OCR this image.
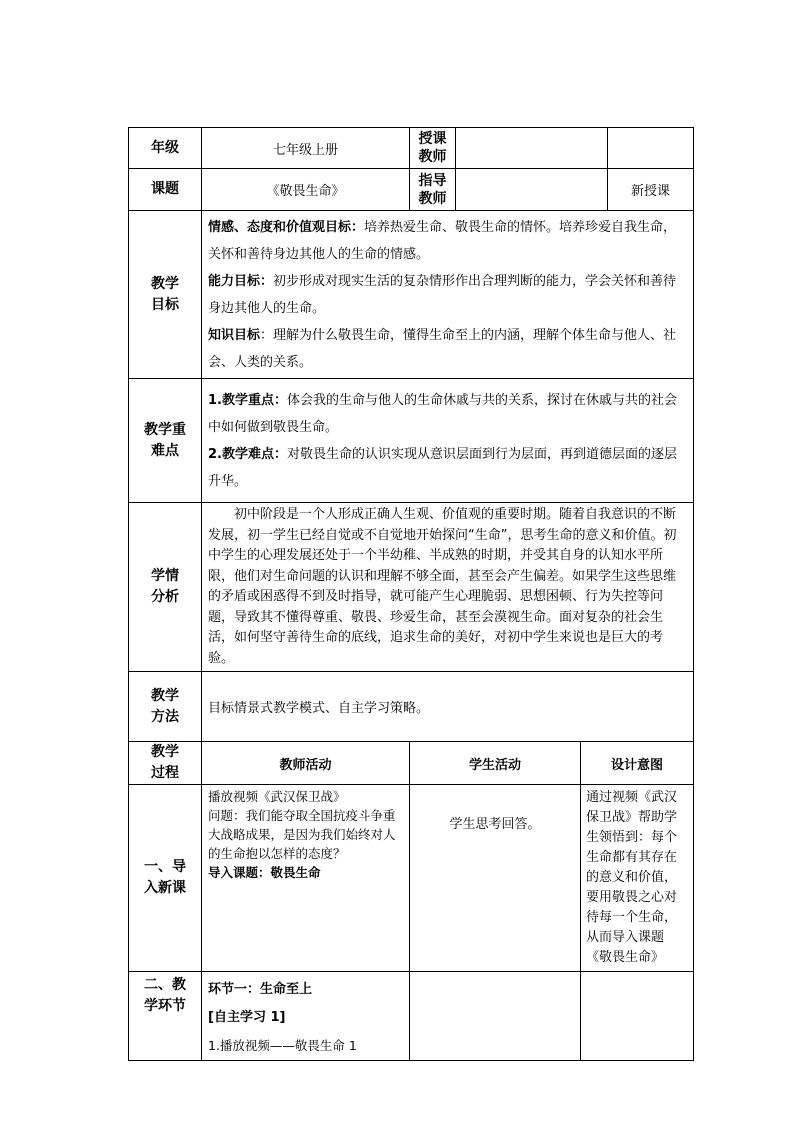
年级	七年级上册	授课教师			
课题	《敬畏生命》	指导教师			新授课
教学目标	情感、态度和价值观目标：培养热爱生命、敬畏生命的情怀。培养珍爱自我生命，关怀和善待身边其他人的生命的情感。

能力目标：初步形成对现实生活的复杂情形作出合理判断的能力，学会关怀和善待身边其他人的生命。

知识目标：理解为什么敬畏生命，懂得生命至上的内涵，理解个体生命与他人、社会、人类的关系。				

教学重难点	1.教学重点：体会我的生命与他人的生命休戚与共的关系，探讨在休戚与共的社会中如何做到敬畏生命。

2.教学难点：对敬畏生命的认识实现从意识层面到行为层面，再到道德层面的逐层升华。				

学情分析	初中阶段是一个人形成正确人生观、价值观的重要时期。随着自我意识的不断发展，初一学生已经自觉或不自觉地开始探问“生命”，思考生命的意义和价值。初中学生的心理发展还处于一个半幼稚、半成熟的时期，并受其自身的认知水平所限，他们对生命问题的认识和理解不够全面，甚至会产生偏差。如果学生这些思维的矛盾或困惑得不到及时指导，就可能产生心理脆弱、思想困顿、行为失控等问题，导致其不懂得尊重、敬畏、珍爱生命，甚至会漠视生命。面对复杂的社会生活，如何坚守善待生命的底线，追求生命的美好，对初中学生来说也是巨大的考验。				
教学方法	目标情景式教学模式、自主学习策略。				
教学过程	教师活动	学生活动		设计意图	
一、导入新课	播放视频《武汉保卫战》
问题：我们能夺取全国抗疫斗争重大战略成果，是因为我们始终对人的生命抱以怎样的态度？
导入课题：敬畏生命	学生思考回答。		通过视频《武汉保卫战》帮助学生领悟到：每个生命都有其存在的意义和价值，要用敬畏之心对待每一个生命，从而导入课题《敬畏生命》	
二、教学环节	环节一：生命至上
[自主学习 1]
1.播放视频——敬畏生命 1				
